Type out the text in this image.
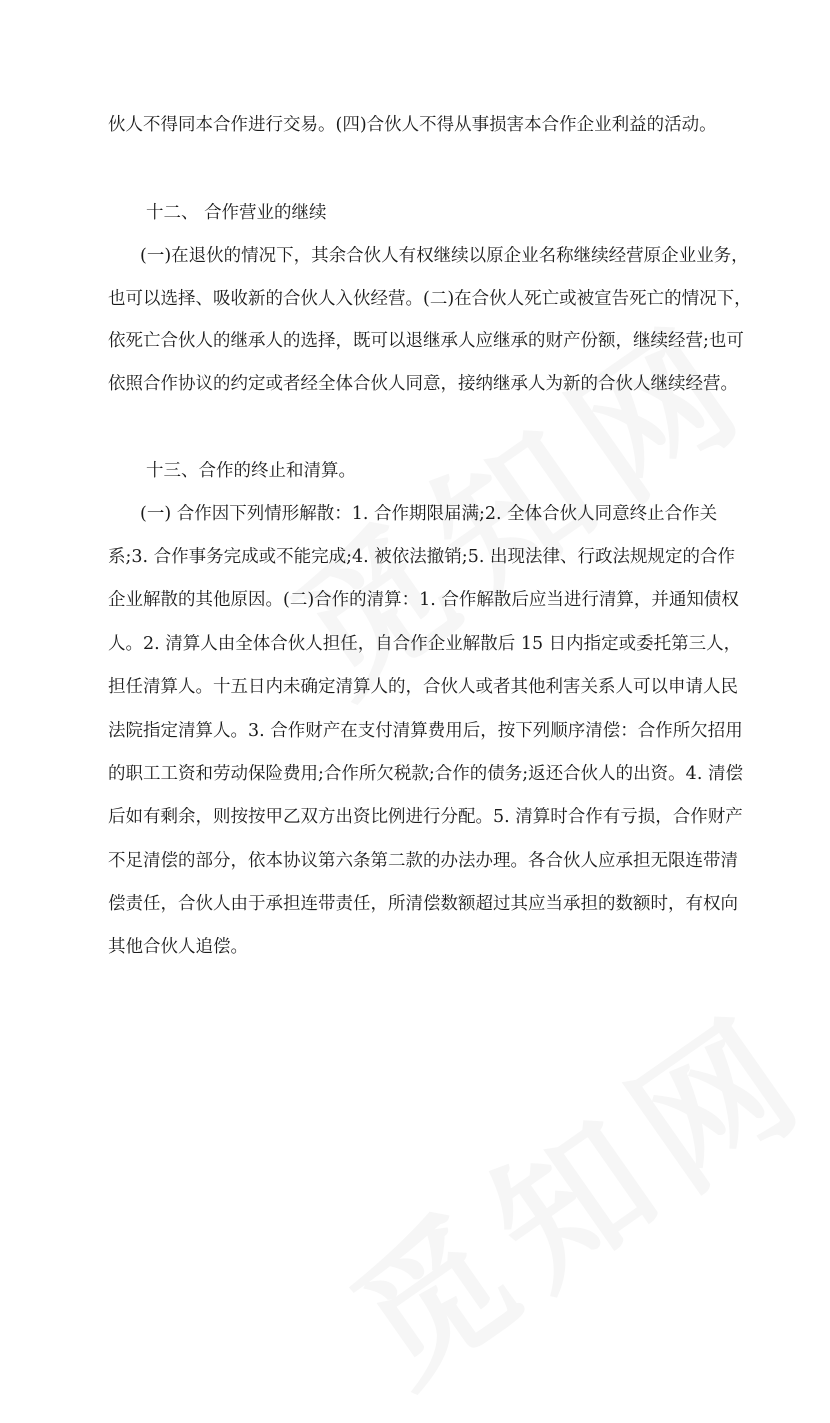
伙人不得同本合作进行交易。(四)合伙人不得从事损害本合作企业利益的活动。
十二、 合作营业的继续
(一)在退伙的情况下，其余合伙人有权继续以原企业名称继续经营原企业业务，
也可以选择、吸收新的合伙人入伙经营。(二)在合伙人死亡或被宣告死亡的情况下，
依死亡合伙人的继承人的选择，既可以退继承人应继承的财产份额，继续经营;也可
依照合作协议的约定或者经全体合伙人同意，接纳继承人为新的合伙人继续经营。
十三、合作的终止和清算。
(一) 合作因下列情形解散：1. 合作期限届满;2. 全体合伙人同意终止合作关
系;3. 合作事务完成或不能完成;4. 被依法撤销;5. 出现法律、行政法规规定的合作
企业解散的其他原因。(二)合作的清算：1. 合作解散后应当进行清算，并通知债权
人。2. 清算人由全体合伙人担任，自合作企业解散后 15 日内指定或委托第三人，
担任清算人。十五日内未确定清算人的，合伙人或者其他利害关系人可以申请人民
法院指定清算人。3. 合作财产在支付清算费用后，按下列顺序清偿：合作所欠招用
的职工工资和劳动保险费用;合作所欠税款;合作的债务;返还合伙人的出资。4. 清偿
后如有剩余，则按按甲乙双方出资比例进行分配。5. 清算时合作有亏损，合作财产
不足清偿的部分，依本协议第六条第二款的办法办理。各合伙人应承担无限连带清
偿责任，合伙人由于承担连带责任，所清偿数额超过其应当承担的数额时，有权向
其他合伙人追偿。
